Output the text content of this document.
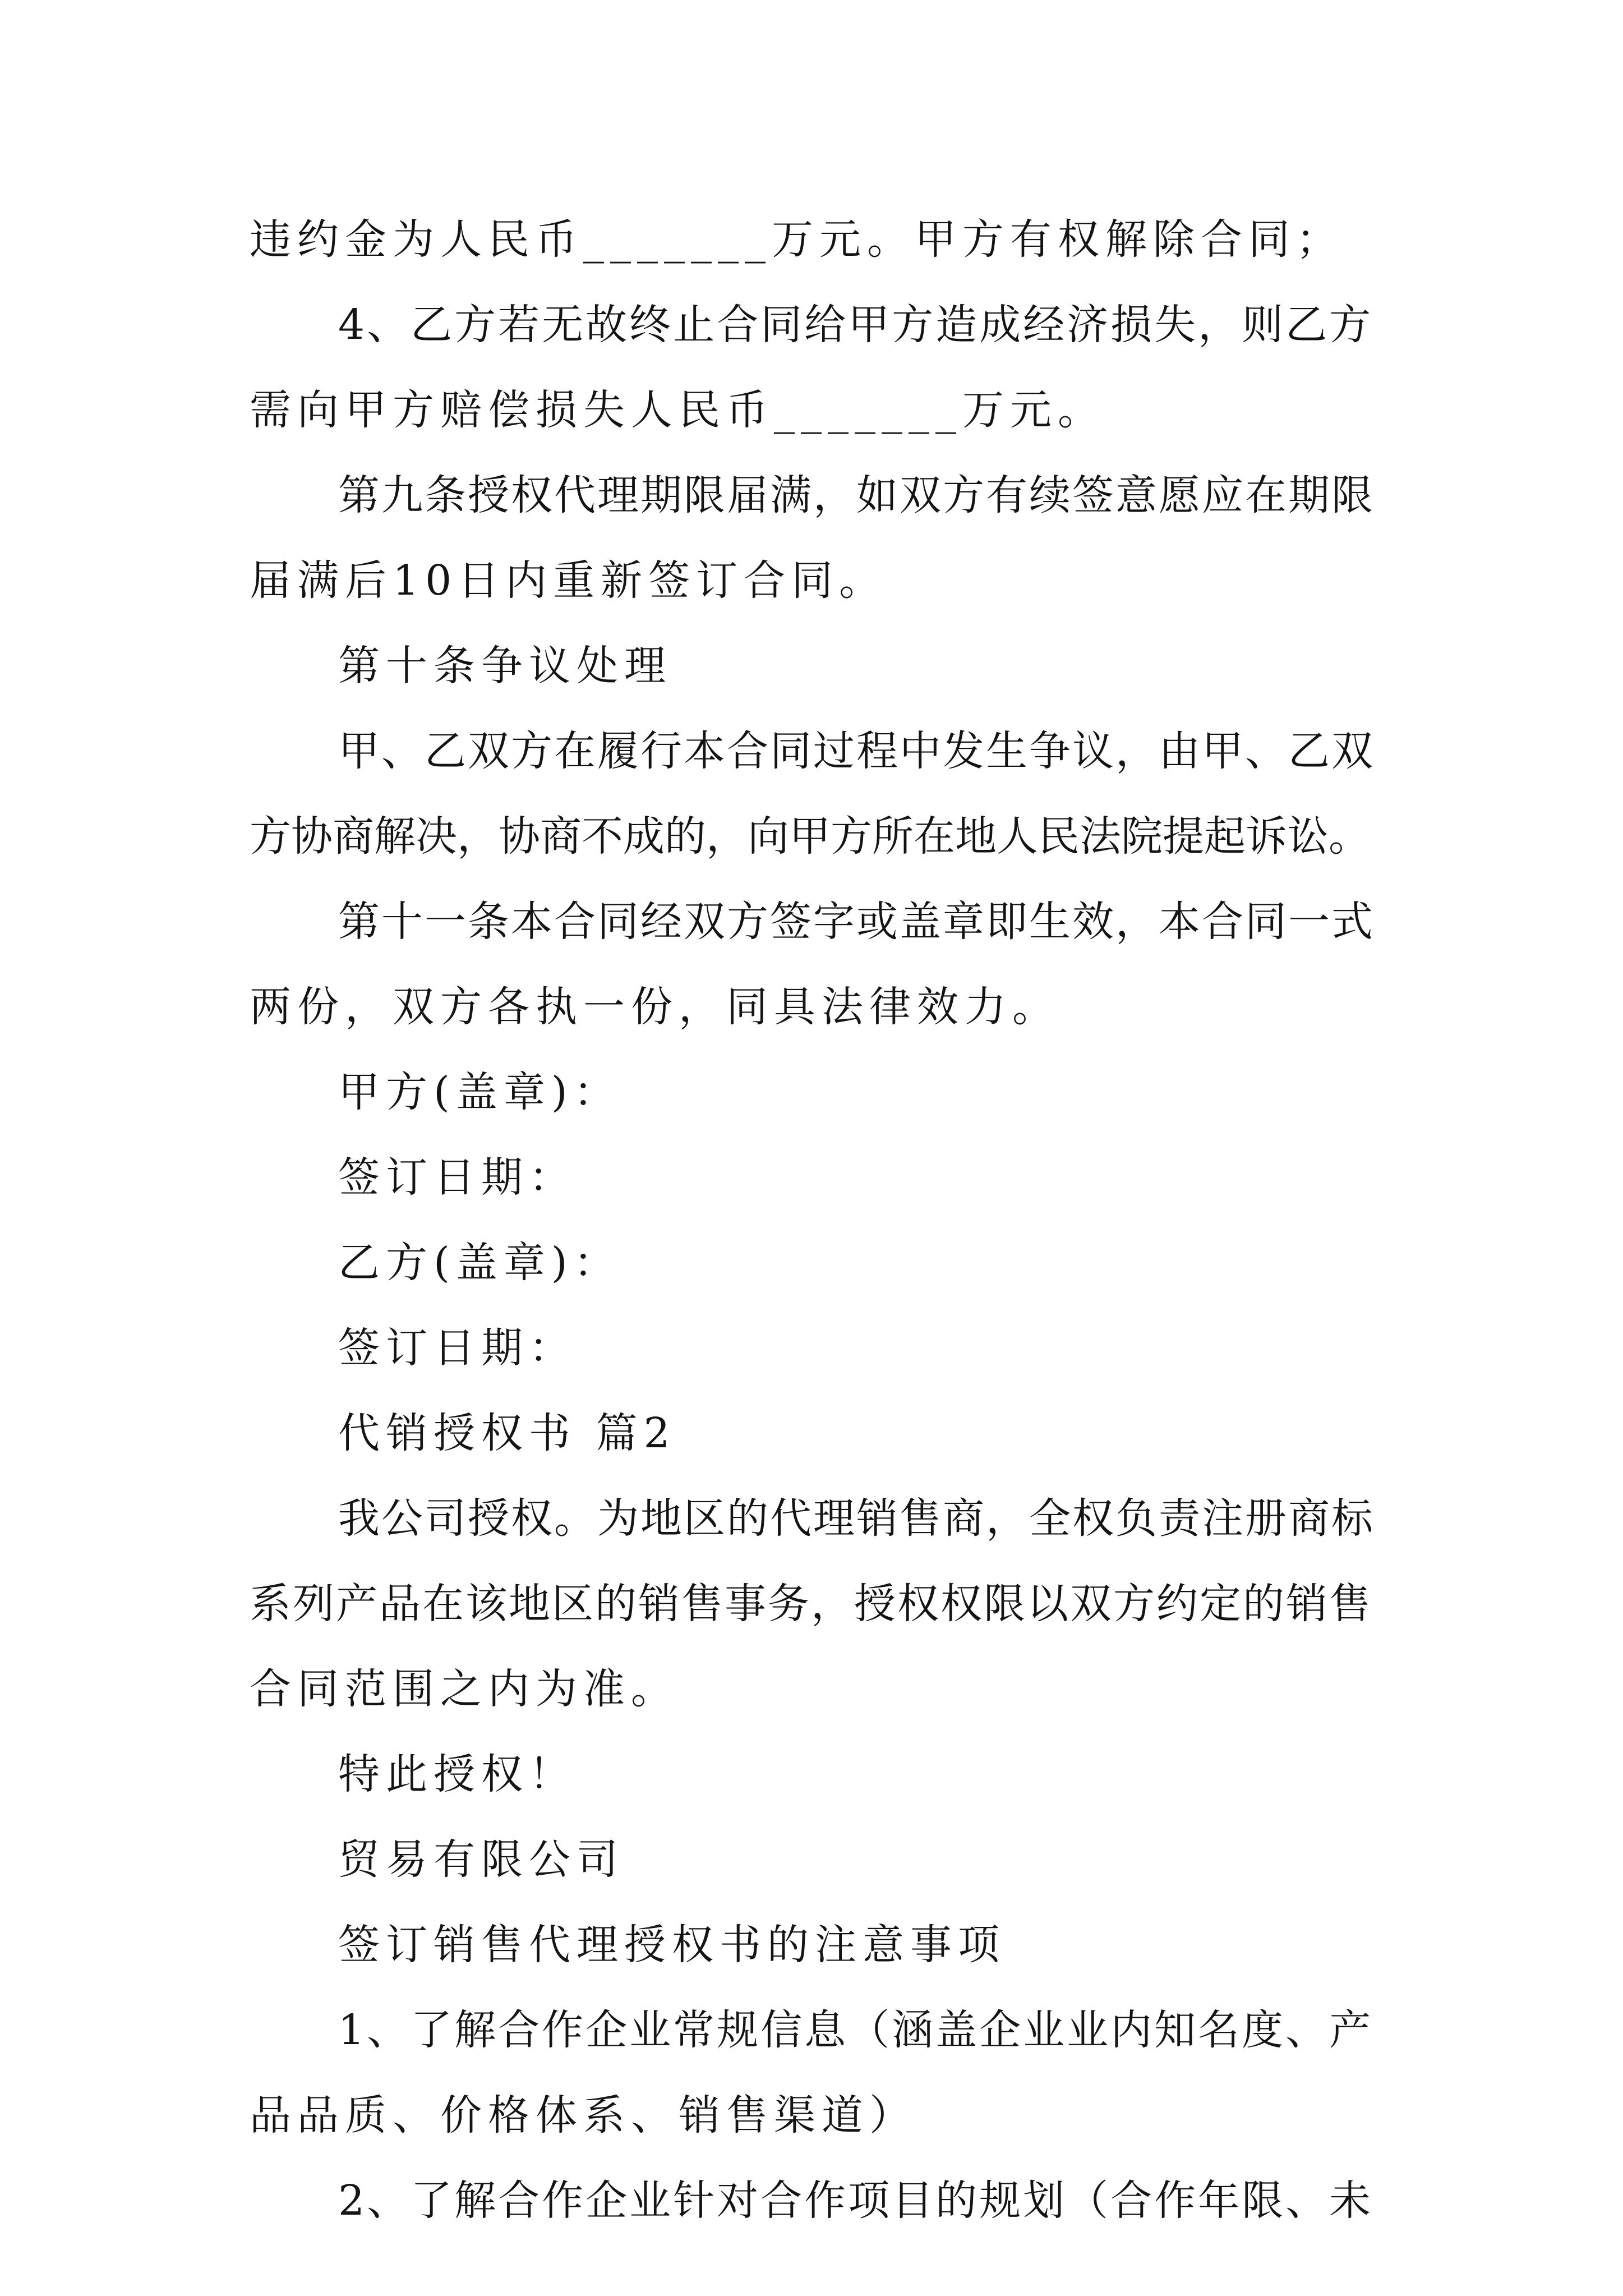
违约金为人民币_______万元。甲方有权解除合同；
4、乙方若无故终止合同给甲方造成经济损失，则乙方
需向甲方赔偿损失人民币_______万元。
第九条授权代理期限届满，如双方有续签意愿应在期限
届满后10日内重新签订合同。
第十条争议处理
甲、乙双方在履行本合同过程中发生争议，由甲、乙双
方协商解决，协商不成的，向甲方所在地人民法院提起诉讼。
第十一条本合同经双方签字或盖章即生效，本合同一式
两份，双方各执一份，同具法律效力。
甲方(盖章)：
签订日期：
乙方(盖章)：
签订日期：
代销授权书 篇2
我公司授权。为地区的代理销售商，全权负责注册商标
系列产品在该地区的销售事务，授权权限以双方约定的销售
合同范围之内为准。
特此授权！
贸易有限公司
签订销售代理授权书的注意事项
1、了解合作企业常规信息（涵盖企业业内知名度、产
品品质、价格体系、销售渠道）
2、了解合作企业针对合作项目的规划（合作年限、未
